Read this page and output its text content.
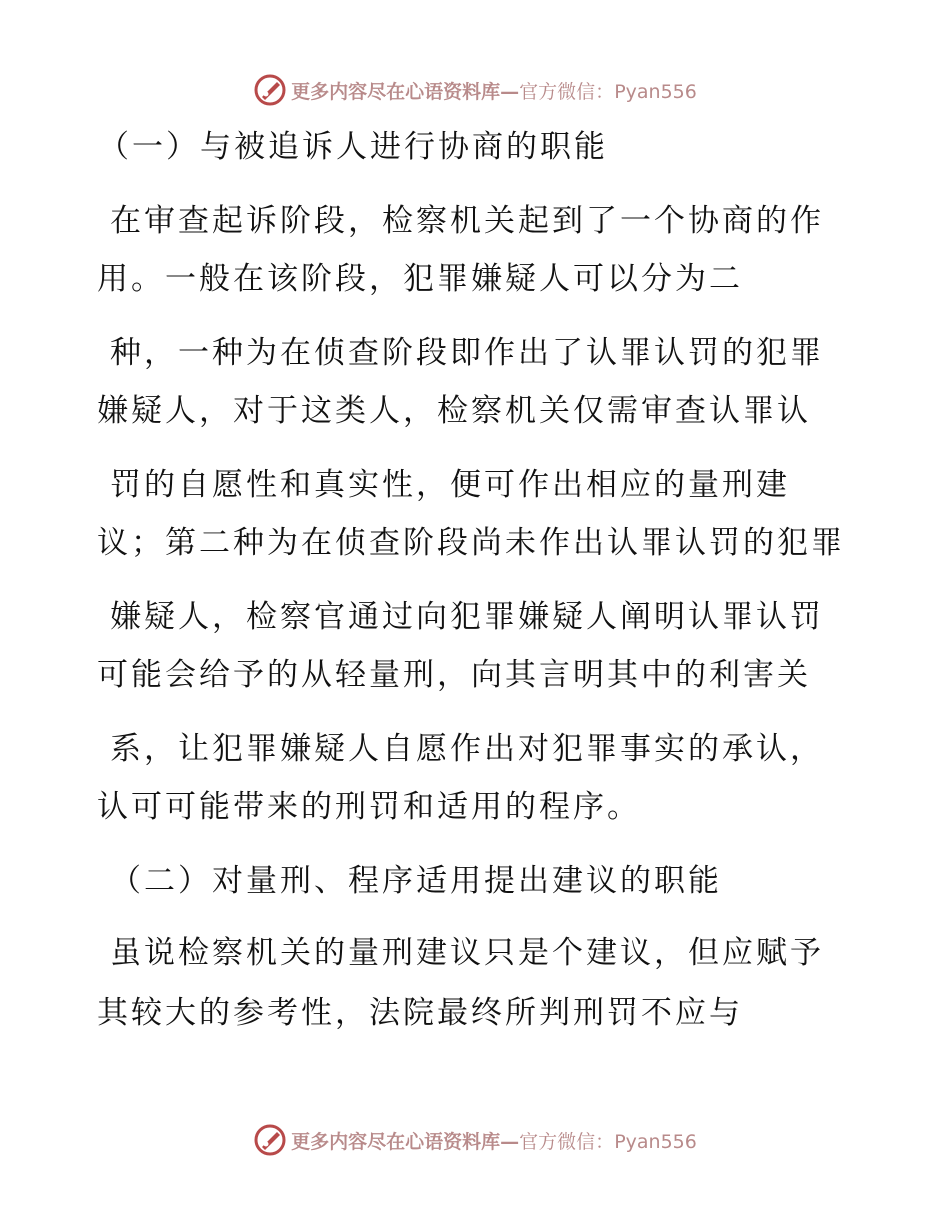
更多内容尽在心语资料库—官方微信：Pyan556
（一）与被追诉人进行协商的职能
在审查起诉阶段，检察机关起到了一个协商的作
用。一般在该阶段，犯罪嫌疑人可以分为二
种，一种为在侦查阶段即作出了认罪认罚的犯罪
嫌疑人，对于这类人，检察机关仅需审查认罪认
罚的自愿性和真实性，便可作出相应的量刑建
议；第二种为在侦查阶段尚未作出认罪认罚的犯罪
嫌疑人，检察官通过向犯罪嫌疑人阐明认罪认罚
可能会给予的从轻量刑，向其言明其中的利害关
系，让犯罪嫌疑人自愿作出对犯罪事实的承认，
认可可能带来的刑罚和适用的程序。
（二）对量刑、程序适用提出建议的职能
虽说检察机关的量刑建议只是个建议，但应赋予
其较大的参考性，法院最终所判刑罚不应与
更多内容尽在心语资料库—官方微信：Pyan556
